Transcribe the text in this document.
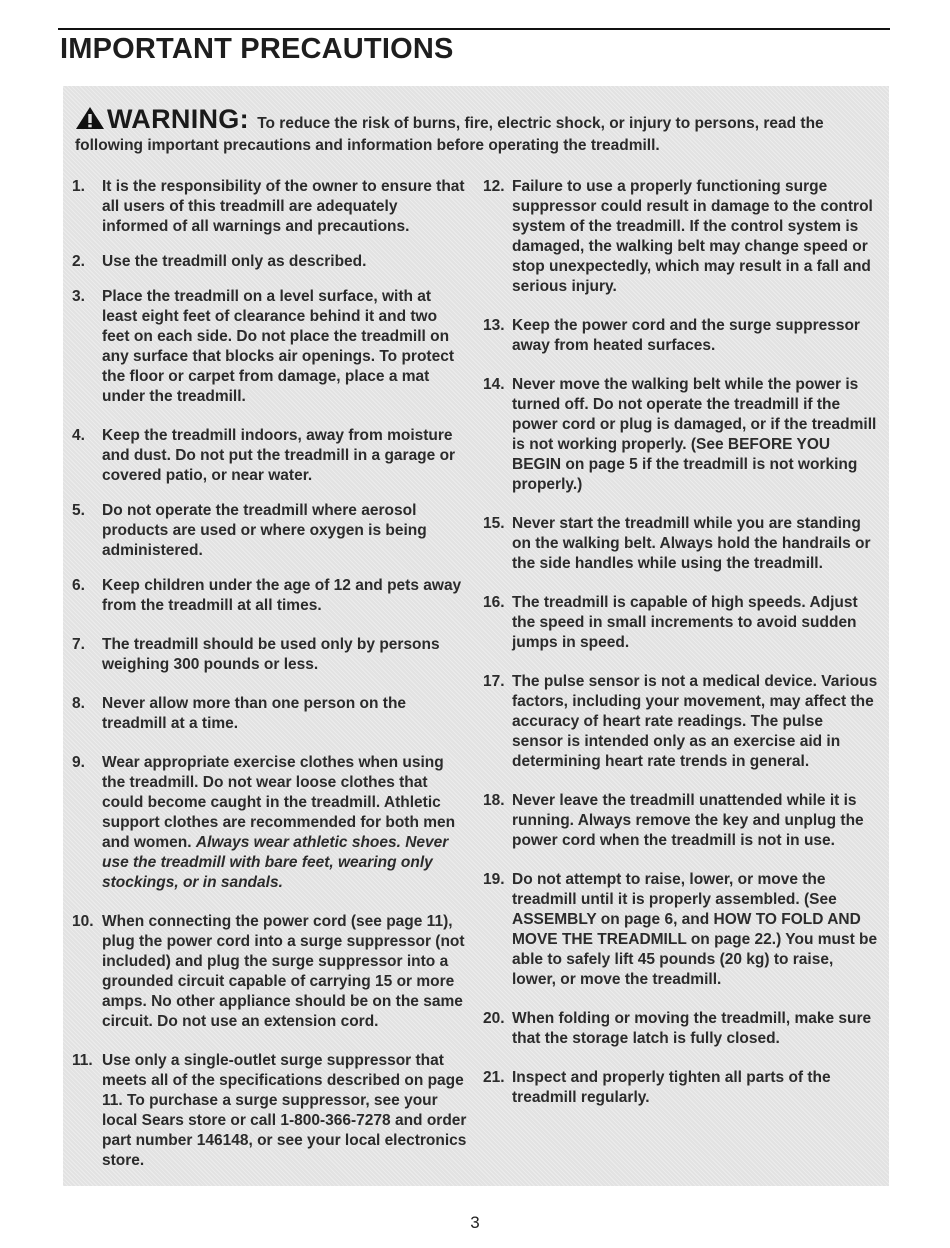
IMPORTANT PRECAUTIONS
WARNING: To reduce the risk of burns, fire, electric shock, or injury to persons, read the following important precautions and information before operating the treadmill.
1. It is the responsibility of the owner to ensure that all users of this treadmill are adequately informed of all warnings and precautions.
2. Use the treadmill only as described.
3. Place the treadmill on a level surface, with at least eight feet of clearance behind it and two feet on each side. Do not place the treadmill on any surface that blocks air openings. To protect the floor or carpet from damage, place a mat under the treadmill.
4. Keep the treadmill indoors, away from moisture and dust. Do not put the treadmill in a garage or covered patio, or near water.
5. Do not operate the treadmill where aerosol products are used or where oxygen is being administered.
6. Keep children under the age of 12 and pets away from the treadmill at all times.
7. The treadmill should be used only by persons weighing 300 pounds or less.
8. Never allow more than one person on the treadmill at a time.
9. Wear appropriate exercise clothes when using the treadmill. Do not wear loose clothes that could become caught in the treadmill. Athletic support clothes are recommended for both men and women. Always wear athletic shoes. Never use the treadmill with bare feet, wearing only stockings, or in sandals.
10. When connecting the power cord (see page 11), plug the power cord into a surge suppressor (not included) and plug the surge suppressor into a grounded circuit capable of carrying 15 or more amps. No other appliance should be on the same circuit. Do not use an extension cord.
11. Use only a single-outlet surge suppressor that meets all of the specifications described on page 11. To purchase a surge suppressor, see your local Sears store or call 1-800-366-7278 and order part number 146148, or see your local electronics store.
12. Failure to use a properly functioning surge suppressor could result in damage to the control system of the treadmill. If the control system is damaged, the walking belt may change speed or stop unexpectedly, which may result in a fall and serious injury.
13. Keep the power cord and the surge suppressor away from heated surfaces.
14. Never move the walking belt while the power is turned off. Do not operate the treadmill if the power cord or plug is damaged, or if the treadmill is not working properly. (See BEFORE YOU BEGIN on page 5 if the treadmill is not working properly.)
15. Never start the treadmill while you are standing on the walking belt. Always hold the handrails or the side handles while using the treadmill.
16. The treadmill is capable of high speeds. Adjust the speed in small increments to avoid sudden jumps in speed.
17. The pulse sensor is not a medical device. Various factors, including your movement, may affect the accuracy of heart rate readings. The pulse sensor is intended only as an exercise aid in determining heart rate trends in general.
18. Never leave the treadmill unattended while it is running. Always remove the key and unplug the power cord when the treadmill is not in use.
19. Do not attempt to raise, lower, or move the treadmill until it is properly assembled. (See ASSEMBLY on page 6, and HOW TO FOLD AND MOVE THE TREADMILL on page 22.) You must be able to safely lift 45 pounds (20 kg) to raise, lower, or move the treadmill.
20. When folding or moving the treadmill, make sure that the storage latch is fully closed.
21. Inspect and properly tighten all parts of the treadmill regularly.
3
